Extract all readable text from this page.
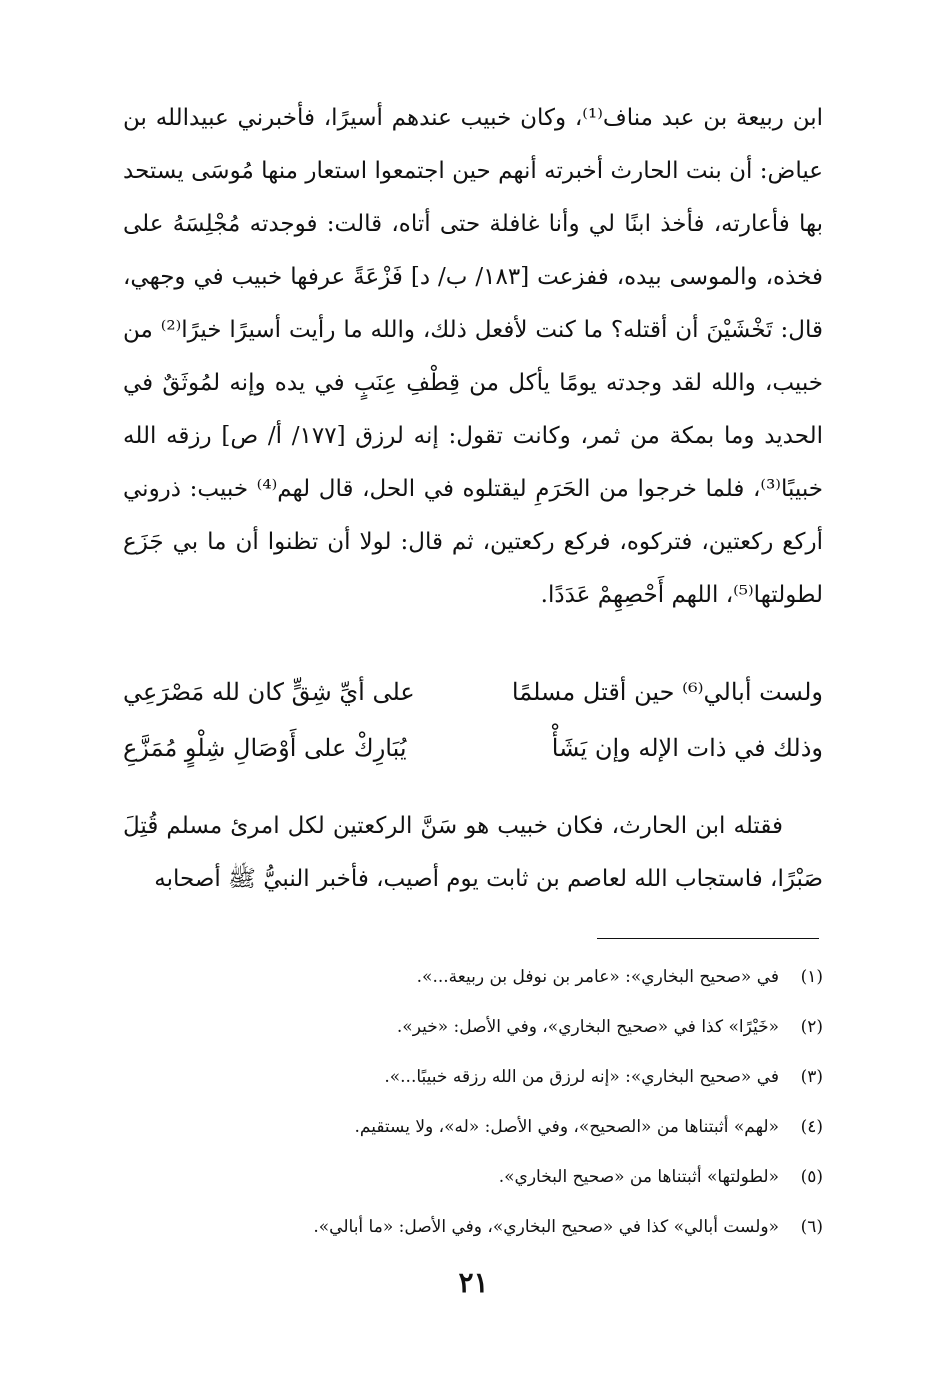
ابن ربيعة بن عبد مناف⁽¹⁾، وكان خبيب عندهم أسيرًا، فأخبرني عبيدالله بن عياض: أن بنت الحارث أخبرته أنهم حين اجتمعوا استعار منها مُوسَى يستحد بها فأعارته، فأخذ ابنًا لي وأنا غافلة حتى أتاه، قالت: فوجدته مُجْلِسَهُ على فخذه، والموسى بيده، ففزعت [١٨٣/ ب/ د] فَزْعَةً عرفها خبيب في وجهي، قال: تَخْشَيْنَ أن أقتله؟ ما كنت لأفعل ذلك، والله ما رأيت أسيرًا خيرًا⁽²⁾ من خبيب، والله لقد وجدته يومًا يأكل من قِطْفِ عِنَبٍ في يده وإنه لمُوثَقٌ في الحديد وما بمكة من ثمر، وكانت تقول: إنه لرزق [١٧٧/ أ/ ص] رزقه الله خبيبًا⁽³⁾، فلما خرجوا من الحَرَمِ ليقتلوه في الحل، قال لهم⁽⁴⁾ خبيب: ذروني أركع ركعتين، فتركوه، فركع ركعتين، ثم قال: لولا أن تظنوا أن ما بي جَزَع لطولتها⁽⁵⁾، اللهم أَحْصِهِمْ عَدَدًا.

ولست أبالي⁽⁶⁾ حين أقتل مسلمًا
على أيِّ شِقٍّ كان لله مَصْرَعِي
وذلك في ذات الإله وإن يَشَأْ
يُبَارِكْ على أَوْصَالِ شِلْوٍ مُمَزَّعِ

فقتله ابن الحارث، فكان خبيب هو سَنَّ الركعتين لكل امرئ مسلم قُتِلَ صَبْرًا، فاستجاب الله لعاصم بن ثابت يوم أصيب، فأخبر النبيُّ ﷺ أصحابه

(١)
في «صحيح البخاري»: «عامر بن نوفل بن ربيعة...».
(٢)
«خَيْرًا» كذا في «صحيح البخاري»، وفي الأصل: «خير».
(٣)
في «صحيح البخاري»: «إنه لرزق من الله رزقه خبيبًا...».
(٤)
«لهم» أثبتناها من «الصحيح»، وفي الأصل: «له»، ولا يستقيم.
(٥)
«لطولتها» أثبتناها من «صحيح البخاري».
(٦)
«ولست أبالي» كذا في «صحيح البخاري»، وفي الأصل: «ما أبالي».
٢١
